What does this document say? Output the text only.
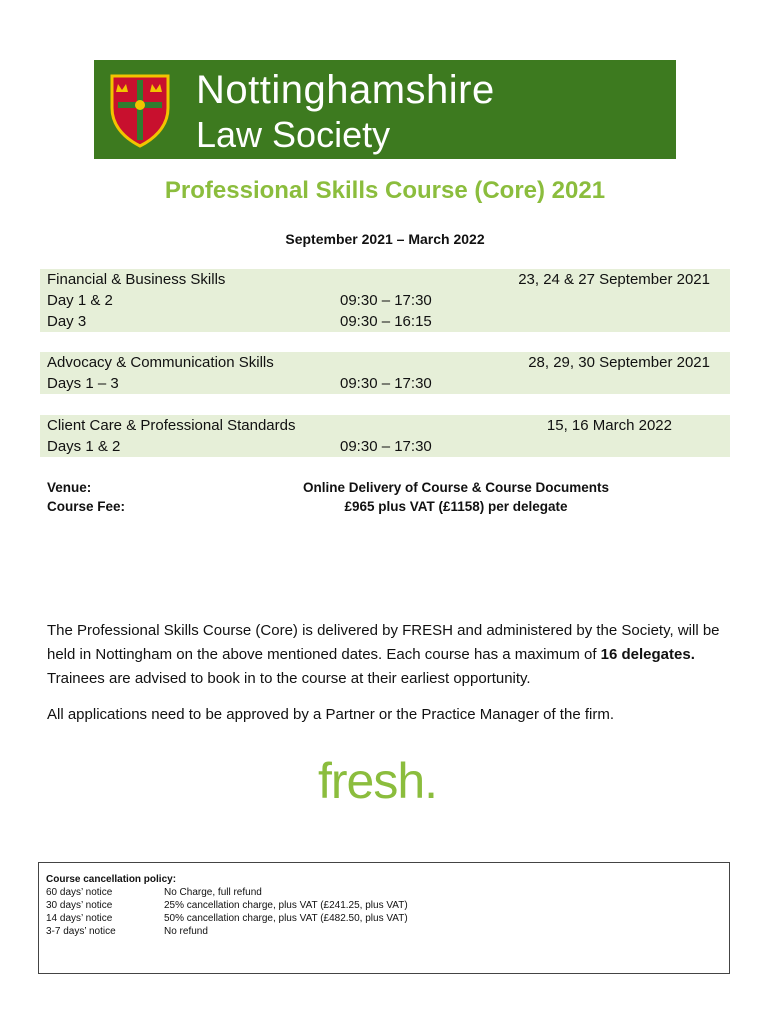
Nottinghamshire
Law Society
Professional Skills Course (Core) 2021
September 2021 – March 2022
Financial & Business Skills	23, 24 & 27 September 2021
Day 1 & 2	09:30 – 17:30
Day 3	09:30 – 16:15
Advocacy & Communication Skills	28, 29, 30 September 2021
Days 1 – 3	09:30 – 17:30
Client Care & Professional Standards	15, 16 March 2022
Days 1 & 2	09:30 – 17:30
Venue:	Online Delivery of Course & Course Documents
Course Fee:	£965 plus VAT (£1158) per delegate
The Professional Skills Course (Core) is delivered by FRESH and administered by the Society, will be held in Nottingham on the above mentioned dates. Each course has a maximum of 16 delegates. Trainees are advised to book in to the course at their earliest opportunity.
All applications need to be approved by a Partner or the Practice Manager of the firm.
fresh.
Course cancellation policy:
60 days’ notice	No Charge, full refund
30 days’ notice	25% cancellation charge, plus VAT (£241.25, plus VAT)
14 days’ notice	50% cancellation charge, plus VAT (£482.50, plus VAT)
3-7 days’ notice	No refund
